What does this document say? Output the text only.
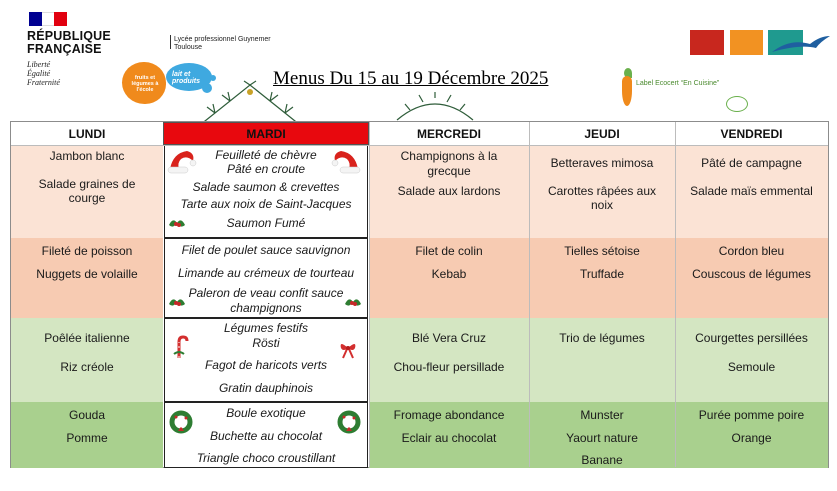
RÉPUBLIQUE
FRANÇAISE
Liberté
Égalité
Fraternité
Lycée professionnel Guynemer
Toulouse
fruits et légumes à l'école
lait et produits	Menus Du 15 au 19 Décembre 2025	Label Ecocert “En Cuisine”
LUNDI
Jambon blanc
Salade graines de courge
Fileté de poisson
Nuggets de volaille
Poêlée italienne
Riz créole
Gouda
Pomme
MARDI
Feuilleté de chèvre
Pâté en croute
Salade saumon & crevettes
Tarte aux noix de Saint-Jacques
Saumon Fumé
Filet de poulet sauce sauvignon
Limande au crémeux de tourteau
Paleron de veau confit sauce champignons
Légumes festifs
Rösti
Fagot de haricots verts
Gratin dauphinois
Boule exotique
Buchette au chocolat
Triangle choco croustillant
MERCREDI
Champignons à la grecque
Salade aux lardons
Filet de colin
Kebab
Blé Vera Cruz
Chou-fleur persillade
Fromage abondance
Eclair au chocolat
JEUDI
Betteraves mimosa
Carottes râpées aux noix
Tielles sétoise
Truffade
Trio de légumes
Munster
Yaourt nature
Banane
VENDREDI
Pâté de campagne
Salade maïs emmental
Cordon bleu
Couscous de légumes
Courgettes persillées
Semoule
Purée pomme poire
Orange
